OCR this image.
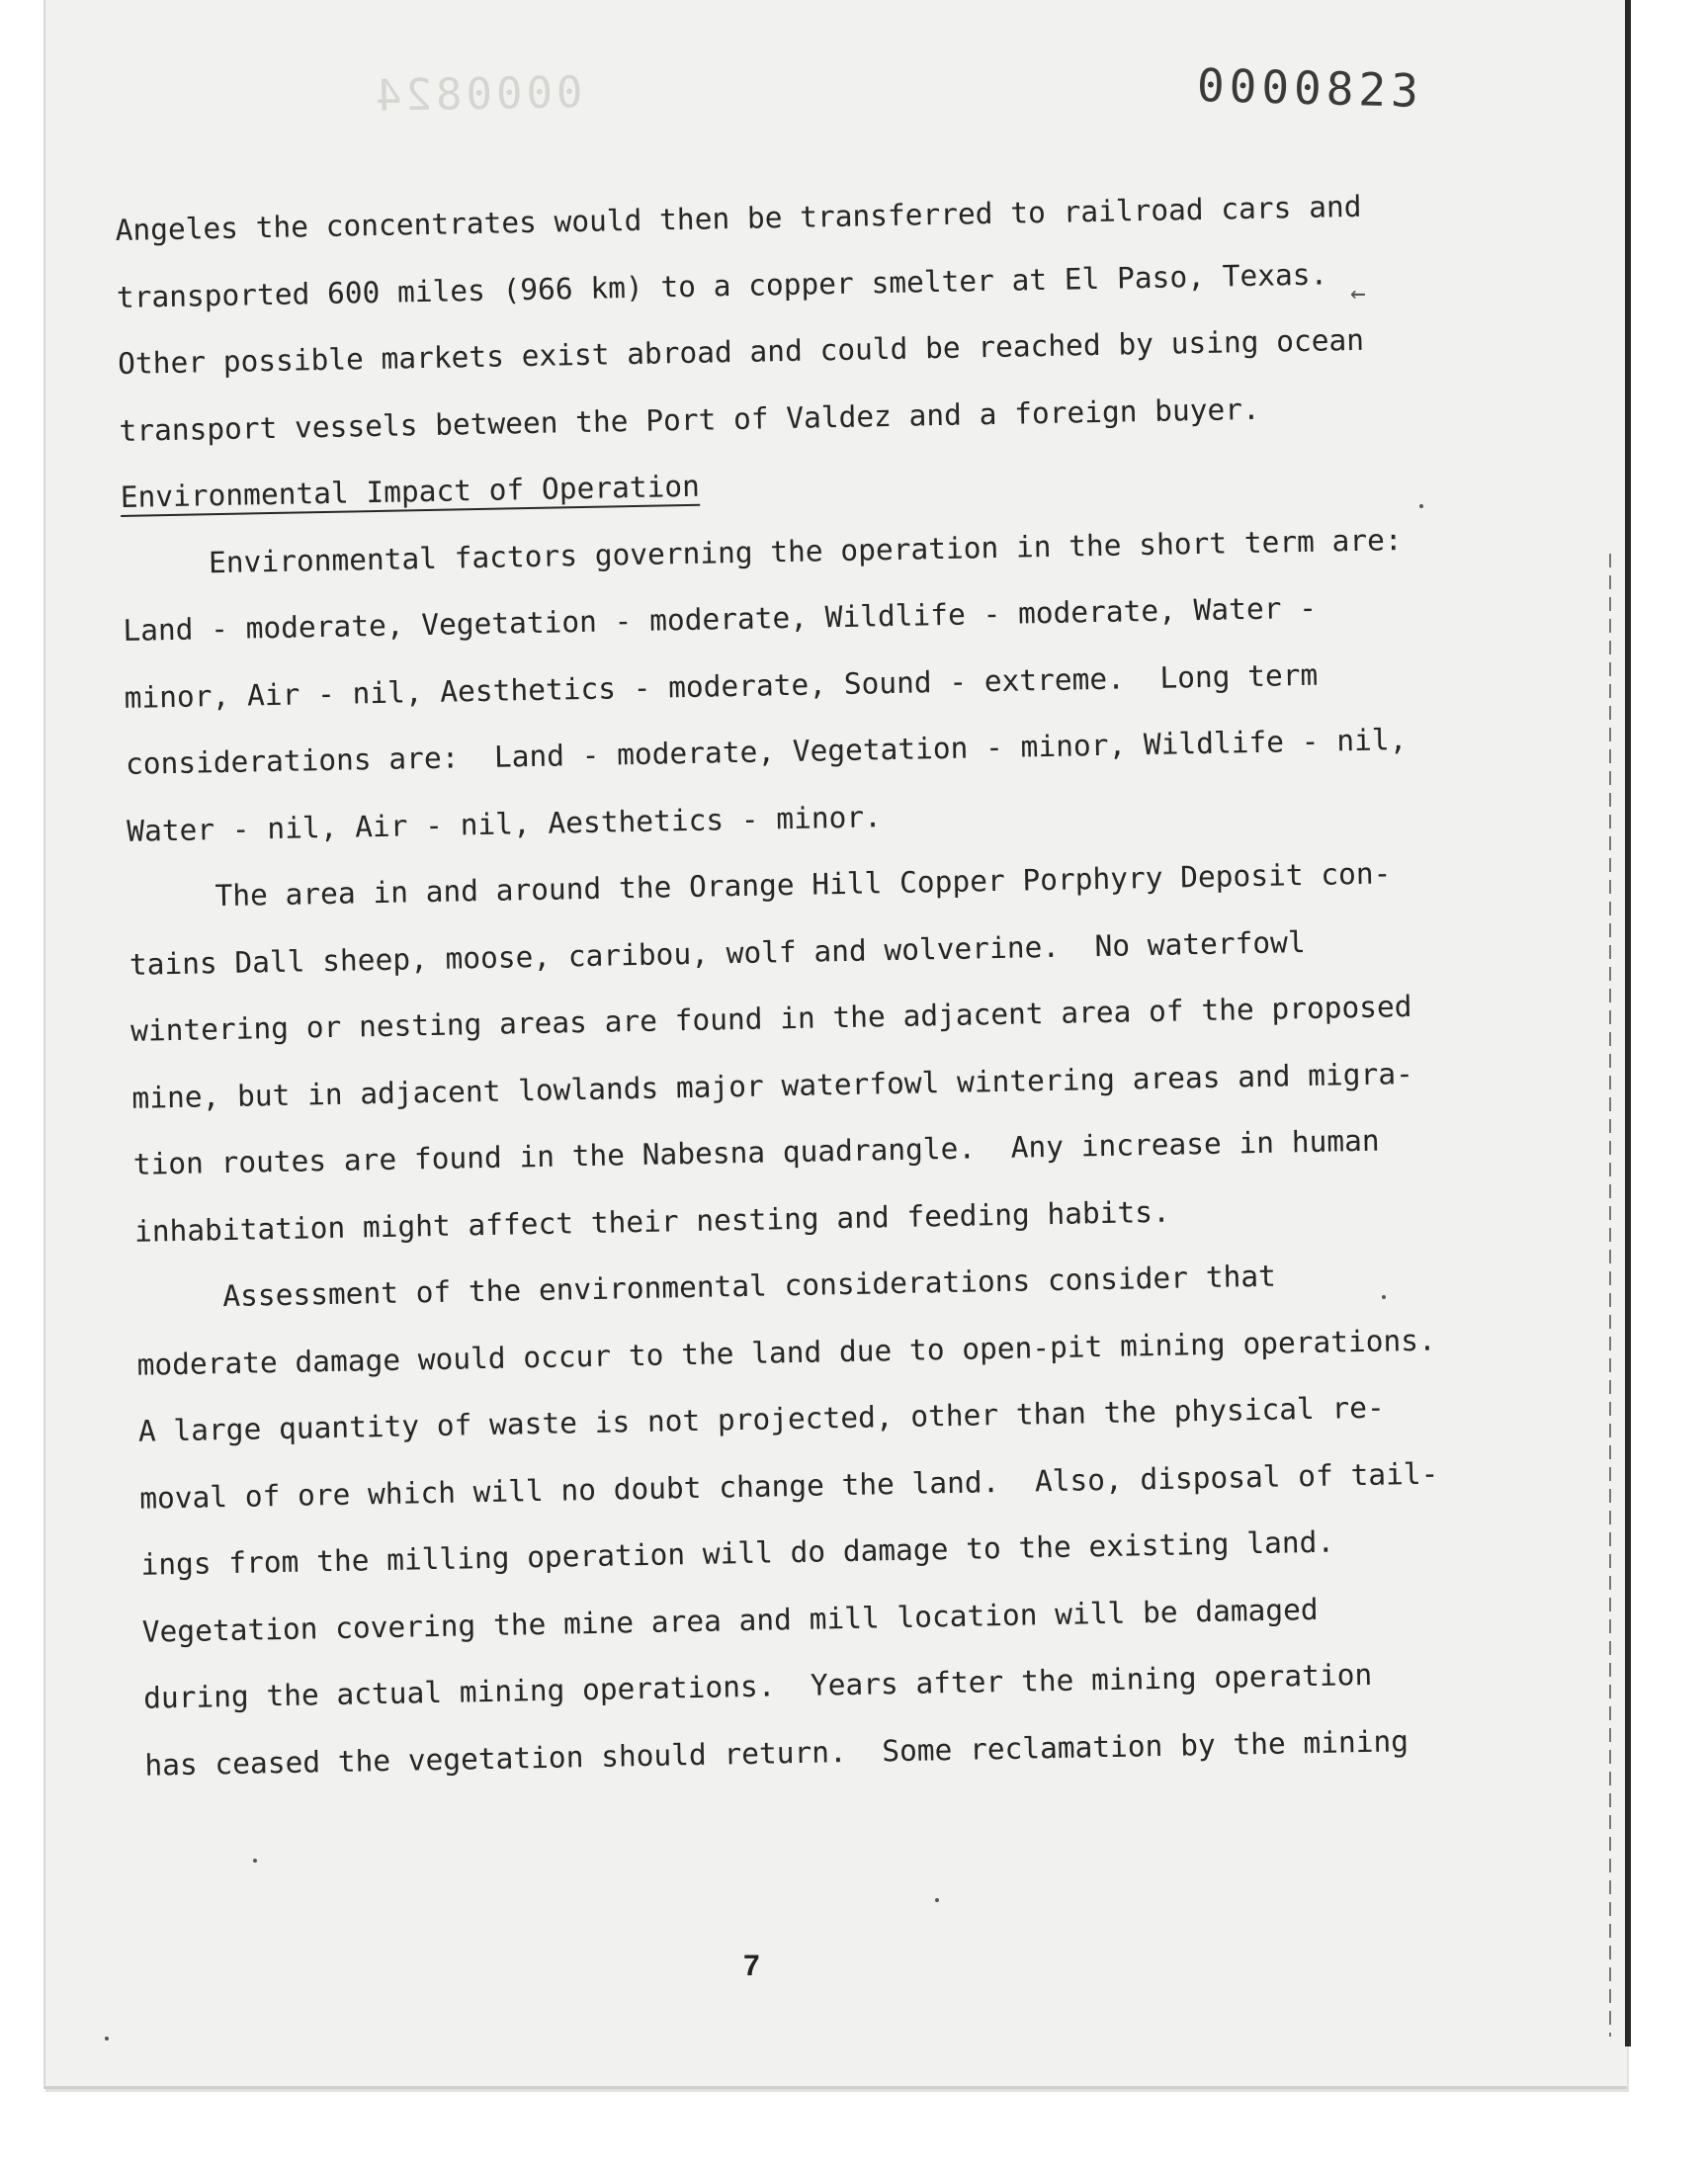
0000824	0000823
←
Angeles the concentrates would then be transferred to railroad cars and
transported 600 miles (966 km) to a copper smelter at El Paso, Texas.
Other possible markets exist abroad and could be reached by using ocean
transport vessels between the Port of Valdez and a foreign buyer.
Environmental Impact of Operation
Environmental factors governing the operation in the short term are:
Land - moderate, Vegetation - moderate, Wildlife - moderate, Water -
minor, Air - nil, Aesthetics - moderate, Sound - extreme.  Long term
considerations are:  Land - moderate, Vegetation - minor, Wildlife - nil,
Water - nil, Air - nil, Aesthetics - minor.
The area in and around the Orange Hill Copper Porphyry Deposit con-
tains Dall sheep, moose, caribou, wolf and wolverine.  No waterfowl
wintering or nesting areas are found in the adjacent area of the proposed
mine, but in adjacent lowlands major waterfowl wintering areas and migra-
tion routes are found in the Nabesna quadrangle.  Any increase in human
inhabitation might affect their nesting and feeding habits.
Assessment of the environmental considerations consider that
moderate damage would occur to the land due to open-pit mining operations.
A large quantity of waste is not projected, other than the physical re-
moval of ore which will no doubt change the land.  Also, disposal of tail-
ings from the milling operation will do damage to the existing land.
Vegetation covering the mine area and mill location will be damaged
during the actual mining operations.  Years after the mining operation
has ceased the vegetation should return.  Some reclamation by the mining
7
